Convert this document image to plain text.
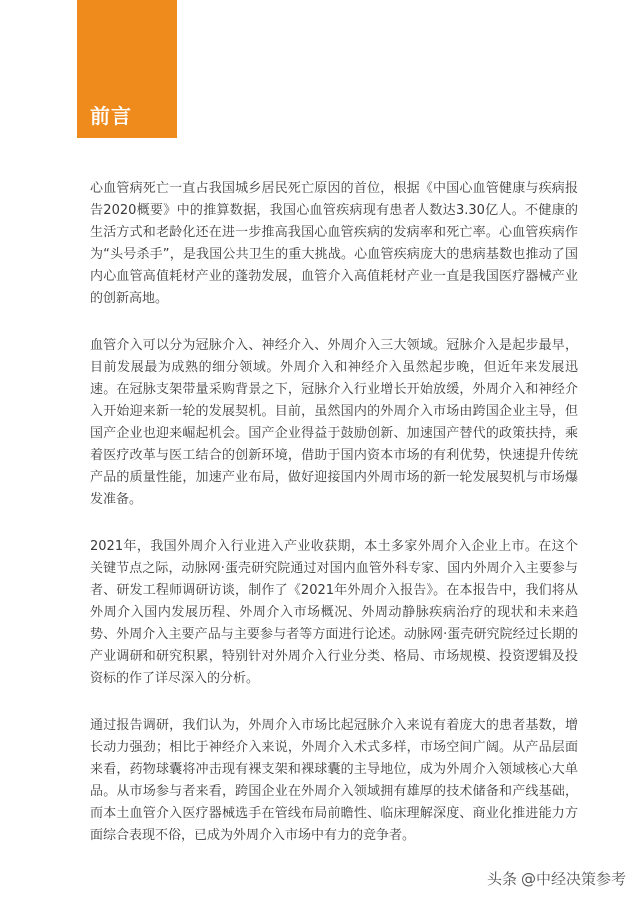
前言

心血管病死亡一直占我国城乡居民死亡原因的首位，根据《中国心血管健康与疾病报告2020概要》中的推算数据，我国心血管疾病现有患者人数达3.30亿人。不健康的生活方式和老龄化还在进一步推高我国心血管疾病的发病率和死亡率。心血管疾病作为“头号杀手”，是我国公共卫生的重大挑战。心血管疾病庞大的患病基数也推动了国内心血管高值耗材产业的蓬勃发展，血管介入高值耗材产业一直是我国医疗器械产业的创新高地。

血管介入可以分为冠脉介入、神经介入、外周介入三大领域。冠脉介入是起步最早，目前发展最为成熟的细分领域。外周介入和神经介入虽然起步晚，但近年来发展迅速。在冠脉支架带量采购背景之下，冠脉介入行业增长开始放缓，外周介入和神经介入开始迎来新一轮的发展契机。目前，虽然国内的外周介入市场由跨国企业主导，但国产企业也迎来崛起机会。国产企业得益于鼓励创新、加速国产替代的政策扶持，乘着医疗改革与医工结合的创新环境，借助于国内资本市场的有利优势，快速提升传统产品的质量性能，加速产业布局，做好迎接国内外周市场的新一轮发展契机与市场爆发准备。

2021年，我国外周介入行业进入产业收获期，本土多家外周介入企业上市。在这个关键节点之际，动脉网·蛋壳研究院通过对国内血管外科专家、国内外周介入主要参与者、研发工程师调研访谈，制作了《2021年外周介入报告》。在本报告中，我们将从外周介入国内发展历程、外周介入市场概况、外周动静脉疾病治疗的现状和未来趋势、外周介入主要产品与主要参与者等方面进行论述。动脉网·蛋壳研究院经过长期的产业调研和研究积累，特别针对外周介入行业分类、格局、市场规模、投资逻辑及投资标的作了详尽深入的分析。

通过报告调研，我们认为，外周介入市场比起冠脉介入来说有着庞大的患者基数，增长动力强劲；相比于神经介入来说，外周介入术式多样，市场空间广阔。从产品层面来看，药物球囊将冲击现有裸支架和裸球囊的主导地位，成为外周介入领域核心大单品。从市场参与者来看，跨国企业在外周介入领域拥有雄厚的技术储备和产线基础，而本土血管介入医疗器械选手在管线布局前瞻性、临床理解深度、商业化推进能力方面综合表现不俗，已成为外周介入市场中有力的竞争者。

头条 @中经决策参考
